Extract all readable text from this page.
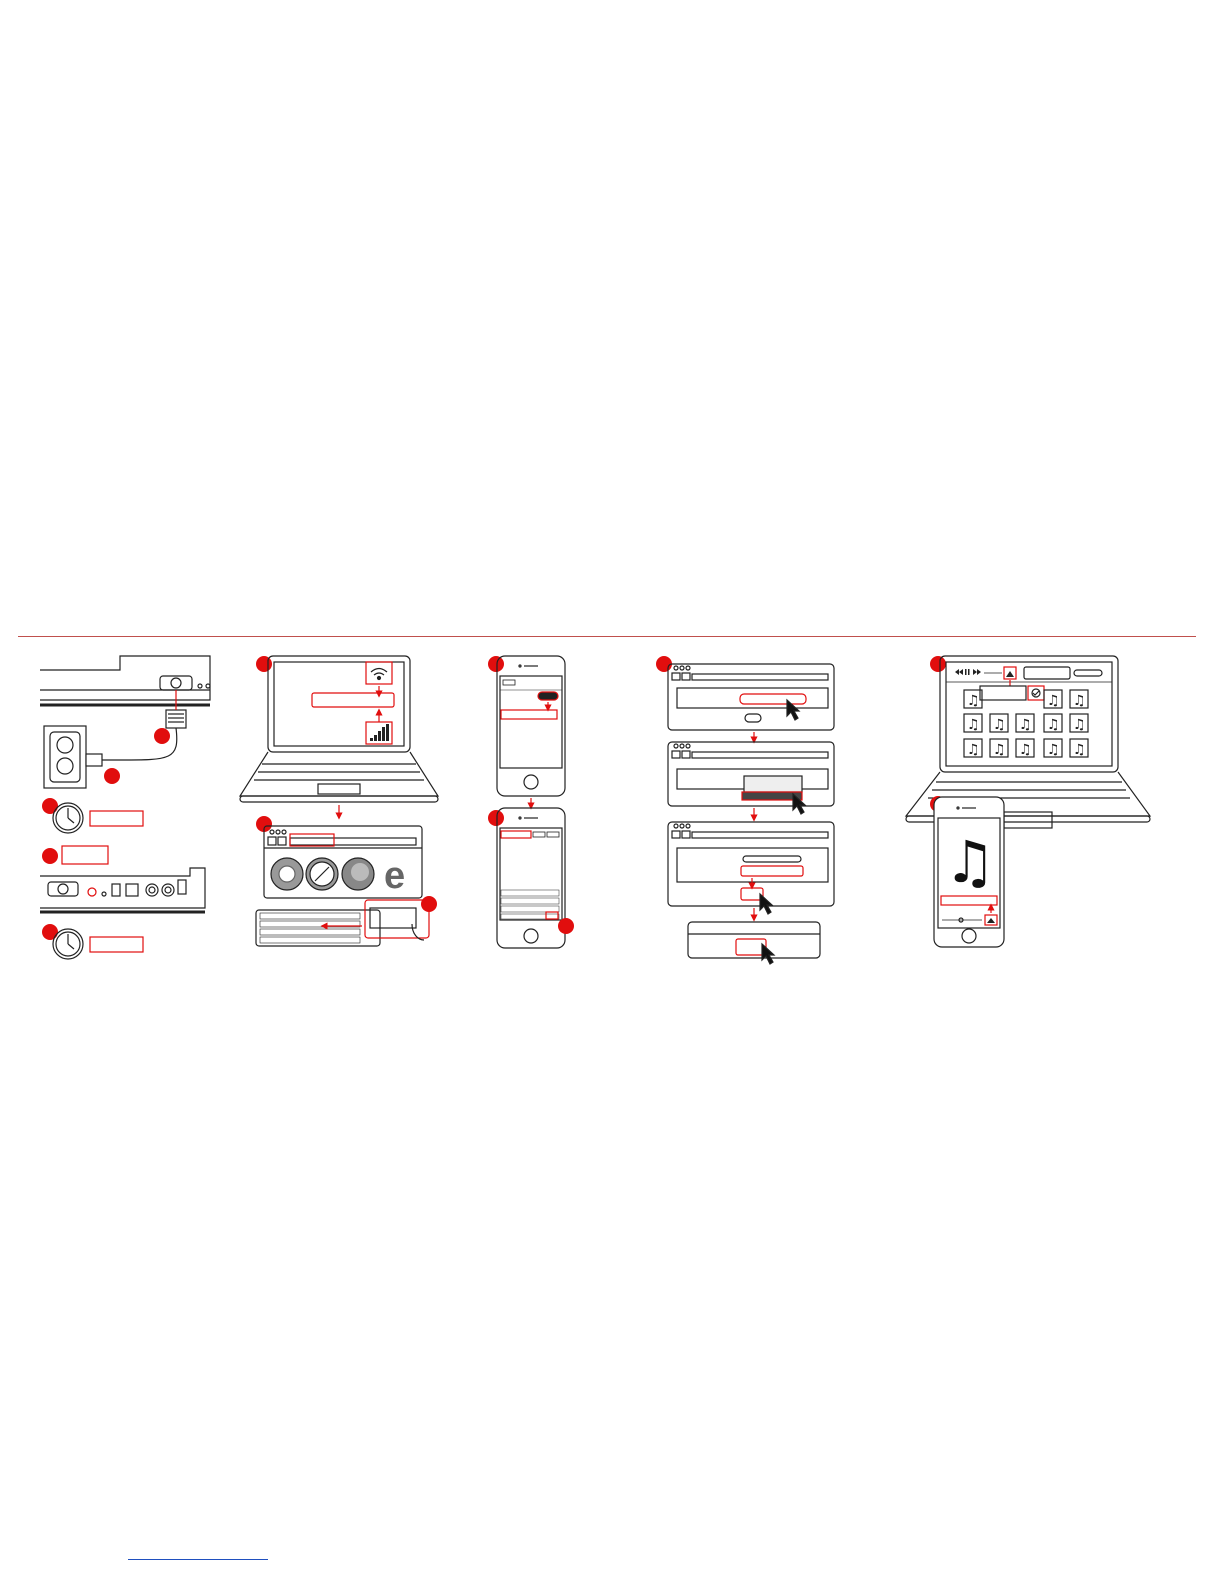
e
♫	♫ ♫
♫ ♫ ♫ ♫ ♫
♫ ♫ ♫ ♫ ♫
♫
